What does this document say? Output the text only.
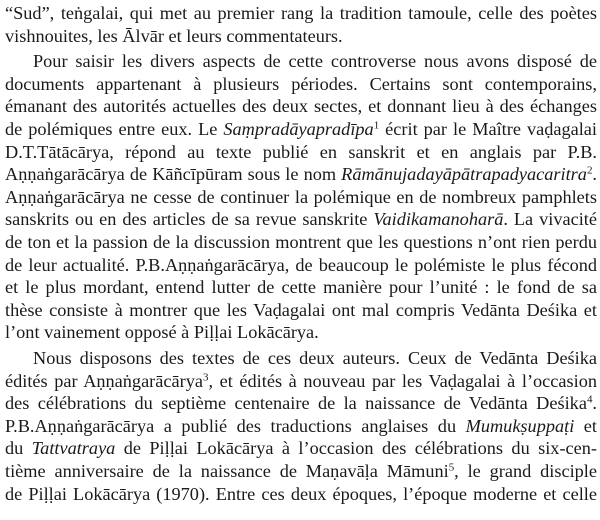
“Sud”, teṅgalai, qui met au premier rang la tradition tamoule, celle des poètes
vishnouites, les Ālvār et leurs commentateurs.
Pour saisir les divers aspects de cette controverse nous avons disposé de
documents appartenant à plusieurs périodes. Certains sont contemporains,
émanant des autorités actuelles des deux sectes, et donnant lieu à des échanges
de polémiques entre eux. Le Saṃpradāyapradīpa$^1$ écrit par le Maître vaḍagalai
D.T.Tātācārya, répond au texte publié en sanskrit et en anglais par P.B.
Aṇṇaṅgarācārya de Kāñcīpūram sous le nom Rāmānujadayāpātrapadyacaritra$^2$.
Aṇṇaṅgarācārya ne cesse de continuer la polémique en de nombreux pamphlets
sanskrits ou en des articles de sa revue sanskrite Vaidikamanoharā. La vivacité
de ton et la passion de la discussion montrent que les questions n’ont rien perdu
de leur actualité. P.B.Aṇṇaṅgarācārya, de beaucoup le polémiste le plus fécond
et le plus mordant, entend lutter de cette manière pour l’unité : le fond de sa
thèse consiste à montrer que les Vaḍagalai ont mal compris Vedānta Deśika et
l’ont vainement opposé à Piḷḷai Lokācārya.
Nous disposons des textes de ces deux auteurs. Ceux de Vedānta Deśika
édités par Aṇṇaṅgarācārya$^3$, et édités à nouveau par les Vaḍagalai à l’occasion
des célébrations du septième centenaire de la naissance de Vedānta Deśika$^4$.
P.B.Aṇṇaṅgarācārya a publié des traductions anglaises du Mumukṣuppaṭi et
du Tattvatraya de Piḷḷai Lokācārya à l’occasion des célébrations du six-cen-
tième anniversaire de la naissance de Maṇavāḷa Māmuni$^5$, le grand disciple
de Piḷḷai Lokācārya (1970). Entre ces deux époques, l’époque moderne et celle
